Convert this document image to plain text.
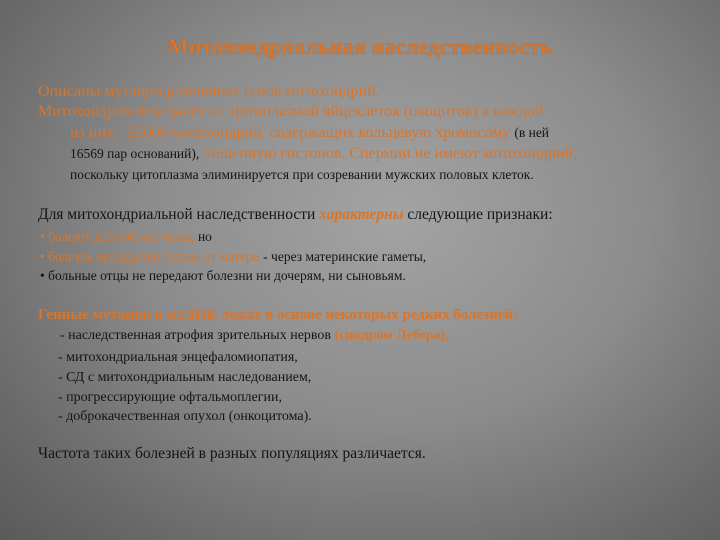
Митохондриальная наследственность
Описаны мутации различных генов митохондрий.
Митохондрии передаются с цитоплазмой яйцеклеток (овоцитов) в каждой
из них - 25000 митохондрий, содержащих кольцевую хромосому (в ней
16569 пар оснований), лишенную гистонов. Спермии не имеют митохондрий,
поскольку цитоплазма элиминируется при созревании мужских половых клеток.
Для митохондриальной наследственности характерны следующие признаки:
• болеют дети обоего пола, но
• болезнь передается только от матери - через материнские гаметы,
• больные отцы не передают болезни ни дочерям, ни сыновьям.
Генные мутации в мтДНК лежат в основе некоторых редких болезней:
- наследственная атрофия зрительных нервов (синдром Лебера),
- митохондриальная энцефаломиопатия,
- СД с митохондриальным наследованием,
- прогрессирующие офтальмоплегии,
- доброкачественная опухол (онкоцитома).
Частота таких болезней в разных популяциях различается.
